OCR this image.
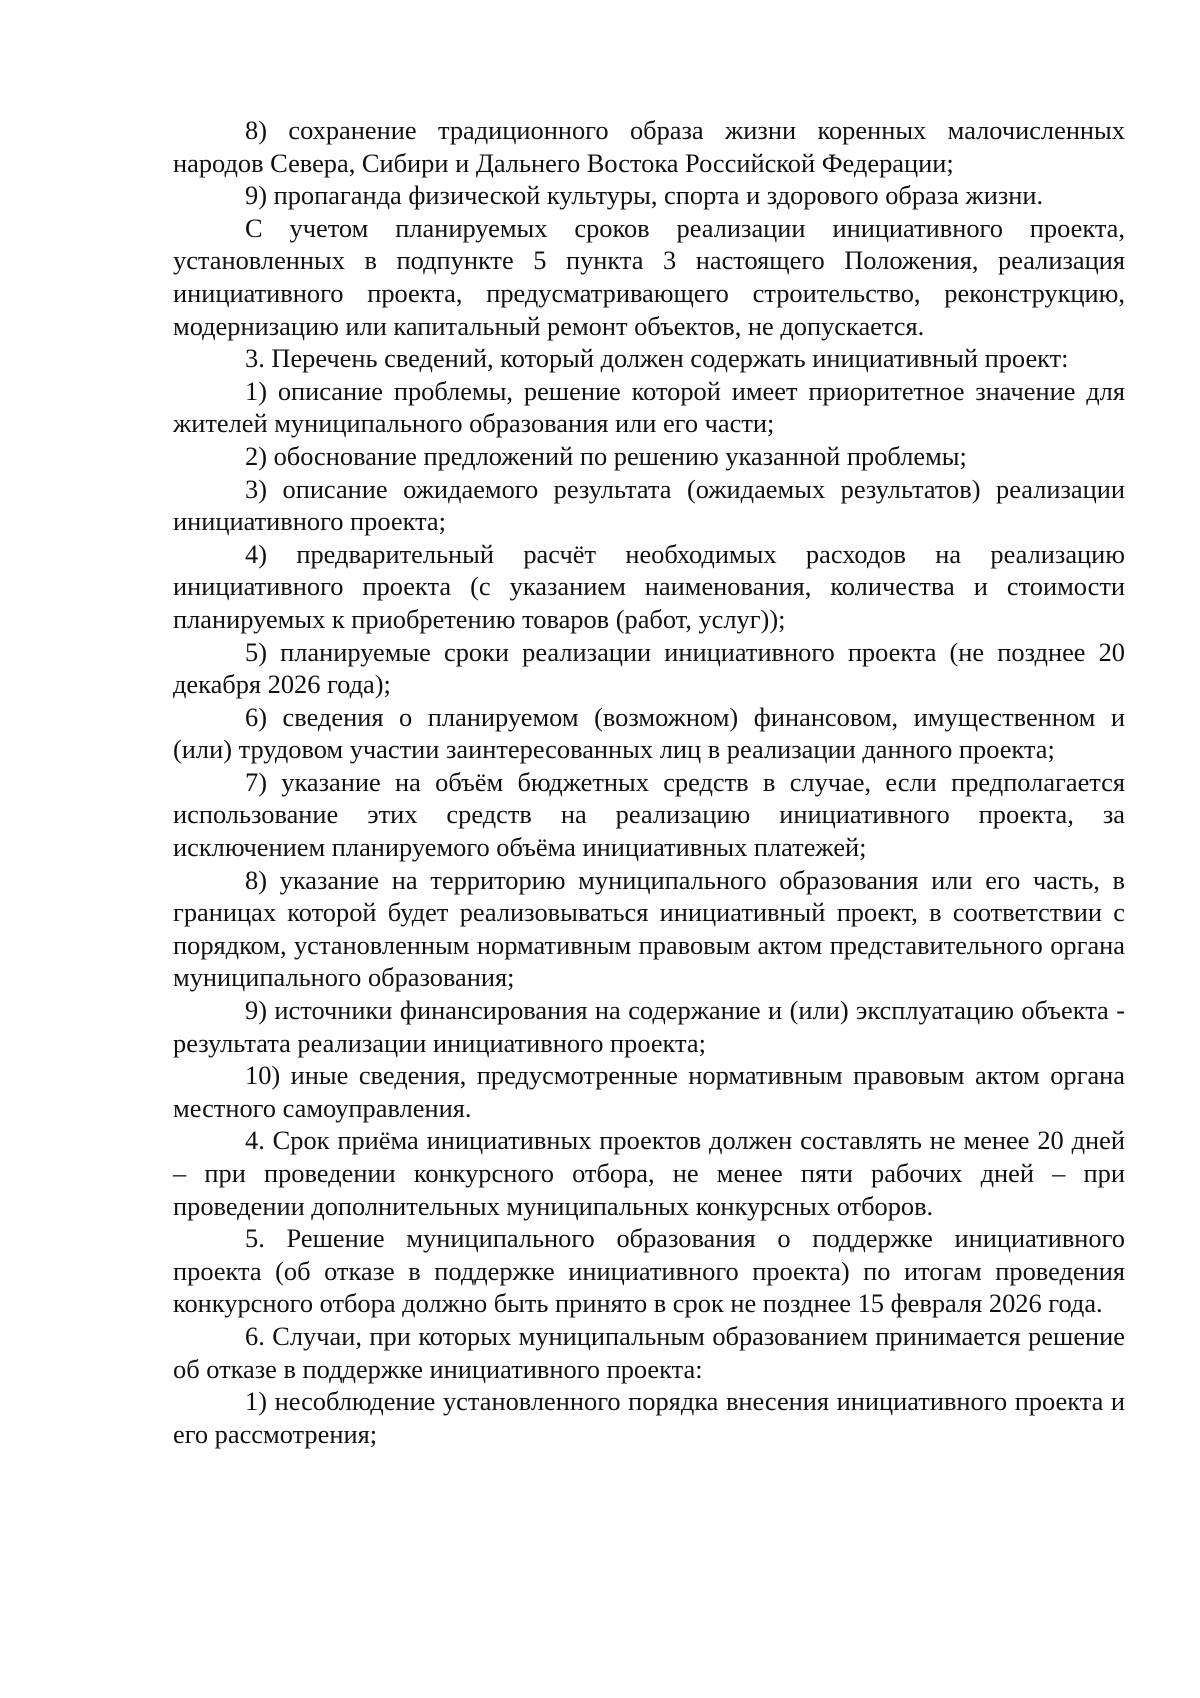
8) сохранение традиционного образа жизни коренных малочисленных народов Севера, Сибири и Дальнего Востока Российской Федерации;

9) пропаганда физической культуры, спорта и здорового образа жизни.

С учетом планируемых сроков реализации инициативного проекта, установленных в подпункте 5 пункта 3 настоящего Положения, реализация инициативного проекта, предусматривающего строительство, реконструкцию, модернизацию или капитальный ремонт объектов, не допускается.

3. Перечень сведений, который должен содержать инициативный проект:

1) описание проблемы, решение которой имеет приоритетное значение для жителей муниципального образования или его части;

2) обоснование предложений по решению указанной проблемы;

3) описание ожидаемого результата (ожидаемых результатов) реализации инициативного проекта;

4) предварительный расчёт необходимых расходов на реализацию инициативного проекта (с указанием наименования, количества и стоимости планируемых к приобретению товаров (работ, услуг));

5) планируемые сроки реализации инициативного проекта (не позднее 20 декабря 2026 года);

6) сведения о планируемом (возможном) финансовом, имущественном и (или) трудовом участии заинтересованных лиц в реализации данного проекта;

7) указание на объём бюджетных средств в случае, если предполагается использование этих средств на реализацию инициативного проекта, за исключением планируемого объёма инициативных платежей;

8) указание на территорию муниципального образования или его часть, в границах которой будет реализовываться инициативный проект, в соответствии с порядком, установленным нормативным правовым актом представительного органа муниципального образования;

9) источники финансирования на содержание и (или) эксплуатацию объекта - результата реализации инициативного проекта;

10) иные сведения, предусмотренные нормативным правовым актом органа местного самоуправления.

4. Срок приёма инициативных проектов должен составлять не менее 20 дней – при проведении конкурсного отбора, не менее пяти рабочих дней – при проведении дополнительных муниципальных конкурсных отборов.

5. Решение муниципального образования о поддержке инициативного проекта (об отказе в поддержке инициативного проекта) по итогам проведения конкурсного отбора должно быть принято в срок не позднее 15 февраля 2026 года.

6. Случаи, при которых муниципальным образованием принимается решение об отказе в поддержке инициативного проекта:

1) несоблюдение установленного порядка внесения инициативного проекта и его рассмотрения;
